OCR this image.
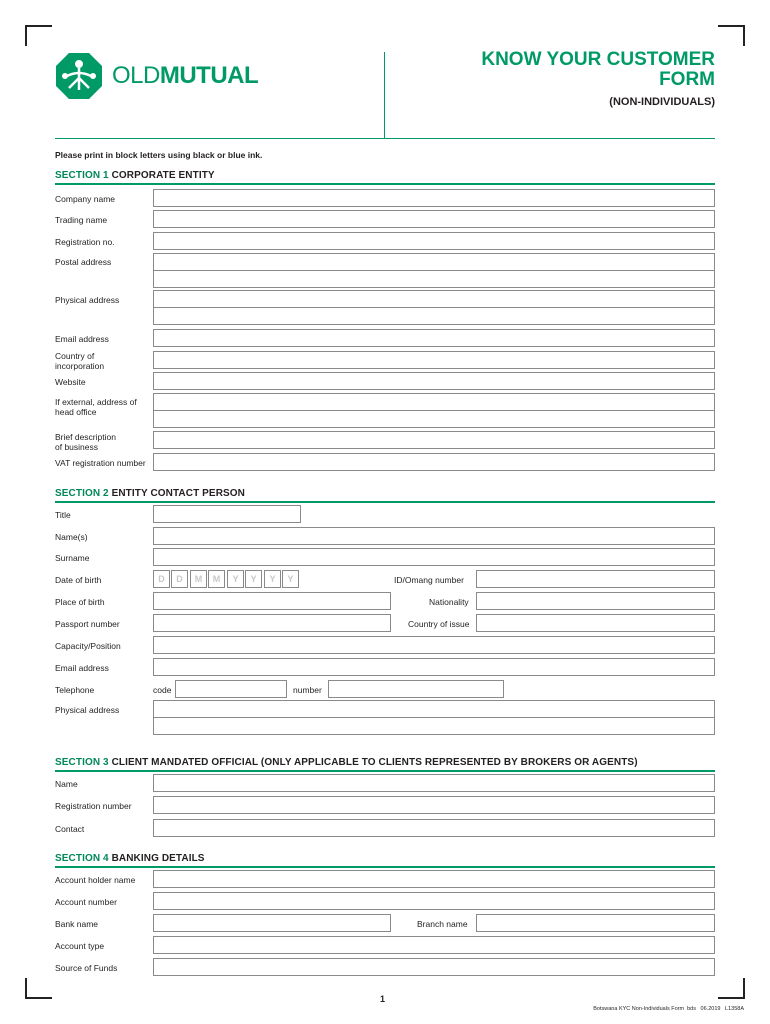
OLDMUTUAL
KNOW YOUR CUSTOMER
FORM
(NON-INDIVIDUALS)
Please print in block letters using black or blue ink.
SECTION 1 CORPORATE ENTITY
Company name
Trading name
Registration no.
Postal address
Physical address
Email address
Country of
incorporation
Website
If external, address of
head office
Brief description
of business
VAT registration number
SECTION 2 ENTITY CONTACT PERSON
Title
Name(s)
Surname
Date of birth	D	D	M	M	Y	Y	Y	Y	ID/Omang number
Place of birth	Nationality
Passport number	Country of issue
Capacity/Position
Email address
Telephone	code	number
Physical address
SECTION 3 CLIENT MANDATED OFFICIAL (ONLY APPLICABLE TO CLIENTS REPRESENTED BY BROKERS OR AGENTS)
Name
Registration number
Contact
SECTION 4 BANKING DETAILS
Account holder name
Account number
Bank name	Branch name
Account type
Source of Funds
1
Botswana KYC Non-Individuals Form  bds   06.2019   L1358A
